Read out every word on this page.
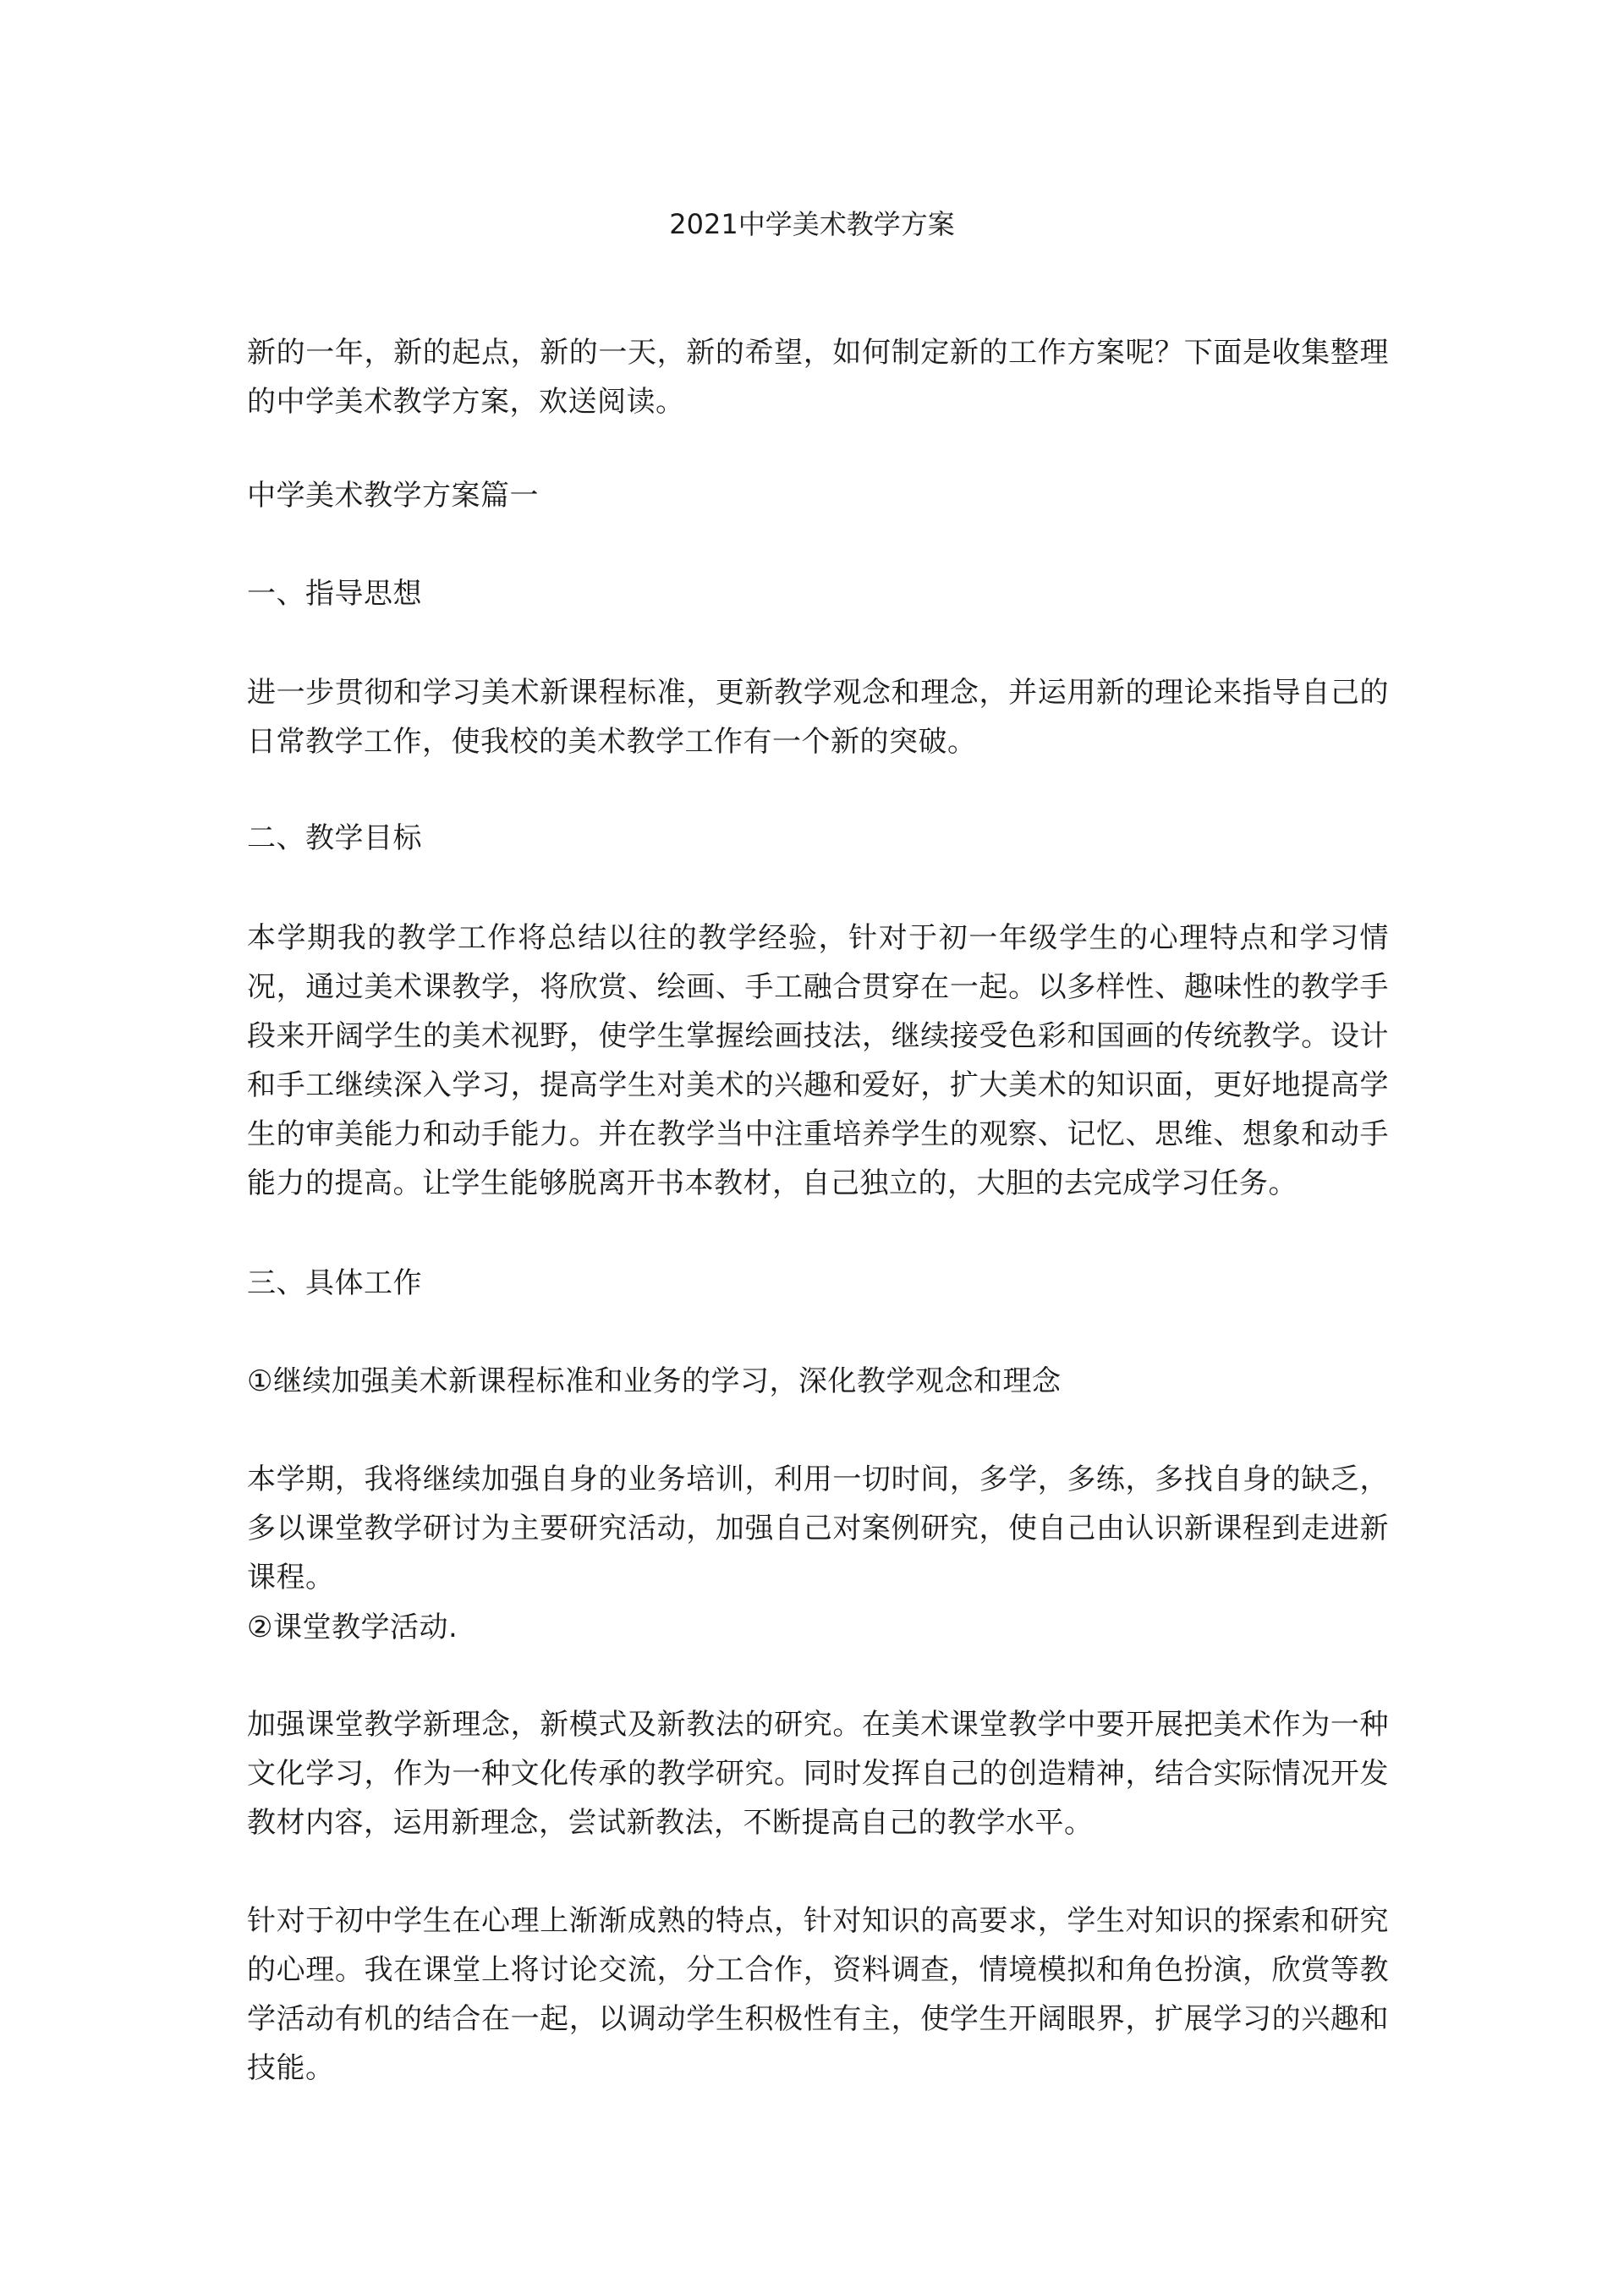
2021中学美术教学方案

新的一年，新的起点，新的一天，新的希望，如何制定新的工作方案呢？下面是收集整理的中学美术教学方案，欢送阅读。

中学美术教学方案篇一

一、指导思想

进一步贯彻和学习美术新课程标准，更新教学观念和理念，并运用新的理论来指导自己的日常教学工作，使我校的美术教学工作有一个新的突破。

二、教学目标

本学期我的教学工作将总结以往的教学经验，针对于初一年级学生的心理特点和学习情况，通过美术课教学，将欣赏、绘画、手工融合贯穿在一起。以多样性、趣味性的教学手段来开阔学生的美术视野，使学生掌握绘画技法，继续接受色彩和国画的传统教学。设计和手工继续深入学习，提高学生对美术的兴趣和爱好，扩大美术的知识面，更好地提高学生的审美能力和动手能力。并在教学当中注重培养学生的观察、记忆、思维、想象和动手能力的提高。让学生能够脱离开书本教材，自己独立的，大胆的去完成学习任务。

三、具体工作

①继续加强美术新课程标准和业务的学习，深化教学观念和理念

本学期，我将继续加强自身的业务培训，利用一切时间，多学，多练，多找自身的缺乏，多以课堂教学研讨为主要研究活动，加强自己对案例研究，使自己由认识新课程到走进新课程。

②课堂教学活动.

加强课堂教学新理念，新模式及新教法的研究。在美术课堂教学中要开展把美术作为一种文化学习，作为一种文化传承的教学研究。同时发挥自己的创造精神，结合实际情况开发教材内容，运用新理念，尝试新教法，不断提高自己的教学水平。

针对于初中学生在心理上渐渐成熟的特点，针对知识的高要求，学生对知识的探索和研究的心理。我在课堂上将讨论交流，分工合作，资料调查，情境模拟和角色扮演，欣赏等教学活动有机的结合在一起，以调动学生积极性有主，使学生开阔眼界，扩展学习的兴趣和技能。
